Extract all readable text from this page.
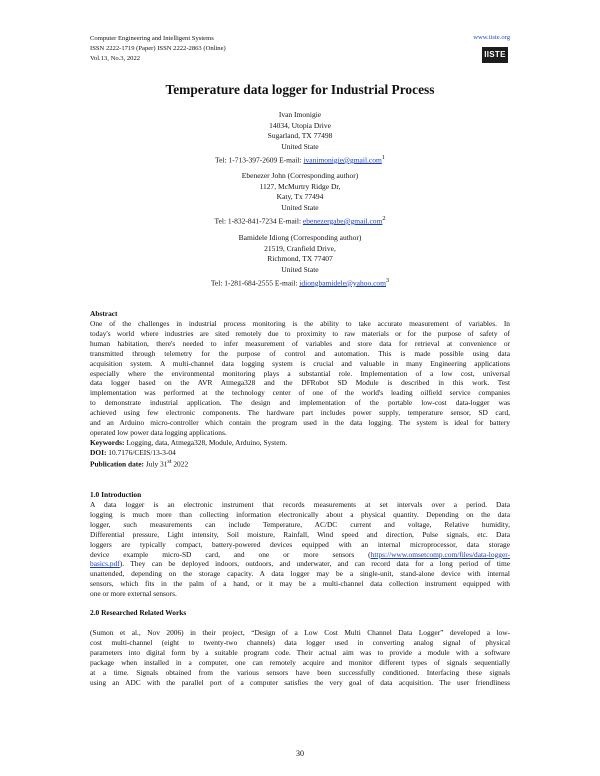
Computer Engineering and Intelligent Systems
ISSN 2222-1719 (Paper) ISSN 2222-2863 (Online)
Vol.13, No.3, 2022
www.iiste.org
IISTE
Temperature data logger for Industrial Process
Ivan Imonigie
14034, Utopia Drive
Sugarland, TX 77498
United State
Tel: 1-713-397-2609 E-mail: ivanimonigie@gmail.com$^1$
Ebenezer John (Corresponding author)
1127, McMurtry Ridge Dr,
Katy, Tx 77494
United State
Tel: 1-832-841-7234 E-mail: ebenezergabe@gmail.com$^2$
Bamidele Idiong (Corresponding author)
21519, Cranfield Drive,
Richmond, TX 77407
United State
Tel: 1-281-684-2555 E-mail: idiongbamidele@yahoo.com$^3$
Abstract
One of the challenges in industrial process monitoring is the ability to take accurate measurement of variables. In
today's world where industries are sited remotely due to proximity to raw materials or for the purpose of safety of
human habitation, there's needed to infer measurement of variables and store data for retrieval at convenience or
transmitted through telemetry for the purpose of control and automation. This is made possible using data
acquisition system. A multi-channel data logging system is crucial and valuable in many Engineering applications
especially where the environmental monitoring plays a substantial role. Implementation of a low cost, universal
data logger based on the AVR Atmega328 and the DFRobot SD Module is described in this work. Test
implementation was performed at the technology center of one of the world's leading oilfield service companies
to demonstrate industrial application. The design and implementation of the portable low-cost data-logger was
achieved using few electronic components. The hardware part includes power supply, temperature sensor, SD card,
and an Arduino micro-controller which contain the program used in the data logging. The system is ideal for battery
operated low power data logging applications.
Keywords: Logging, data, Atmega328, Module, Arduino, System.
DOI: 10.7176/CEIS/13-3-04
Publication date: July 31st 2022
1.0 Introduction
A data logger is an electronic instrument that records measurements at set intervals over a period. Data
logging is much more than collecting information electronically about a physical quantity. Depending on the data
logger, such measurements can include Temperature, AC/DC current and voltage, Relative humidity,
Differential pressure, Light intensity, Soil moisture, Rainfall, Wind speed and direction, Pulse signals, etc. Data
loggers are typically compact, battery-powered devices equipped with an internal microprocessor, data storage
device example micro-SD card, and one or more sensors (https://www.omsetcomp.com/files/data-logger-
basics.pdf). They can be deployed indoors, outdoors, and underwater, and can record data for a long period of time
unattended, depending on the storage capacity. A data logger may be a single-unit, stand-alone device with internal
sensors, which fits in the palm of a hand, or it may be a multi-channel data collection instrument equipped with
one or more external sensors.
2.0 Researched Related Works
(Sumon et al., Nov 2006) in their project, “Design of a Low Cost Multi Channel Data Logger” developed a low-
cost multi-channel (eight to twenty-two channels) data logger used in converting analog signal of physical
parameters into digital form by a suitable program code. Their actual aim was to provide a module with a software
package when installed in a computer, one can remotely acquire and monitor different types of signals sequentially
at a time. Signals obtained from the various sensors have been successfully conditioned. Interfacing these signals
using an ADC with the parallel port of a computer satisfies the very goal of data acquisition. The user friendliness
30
